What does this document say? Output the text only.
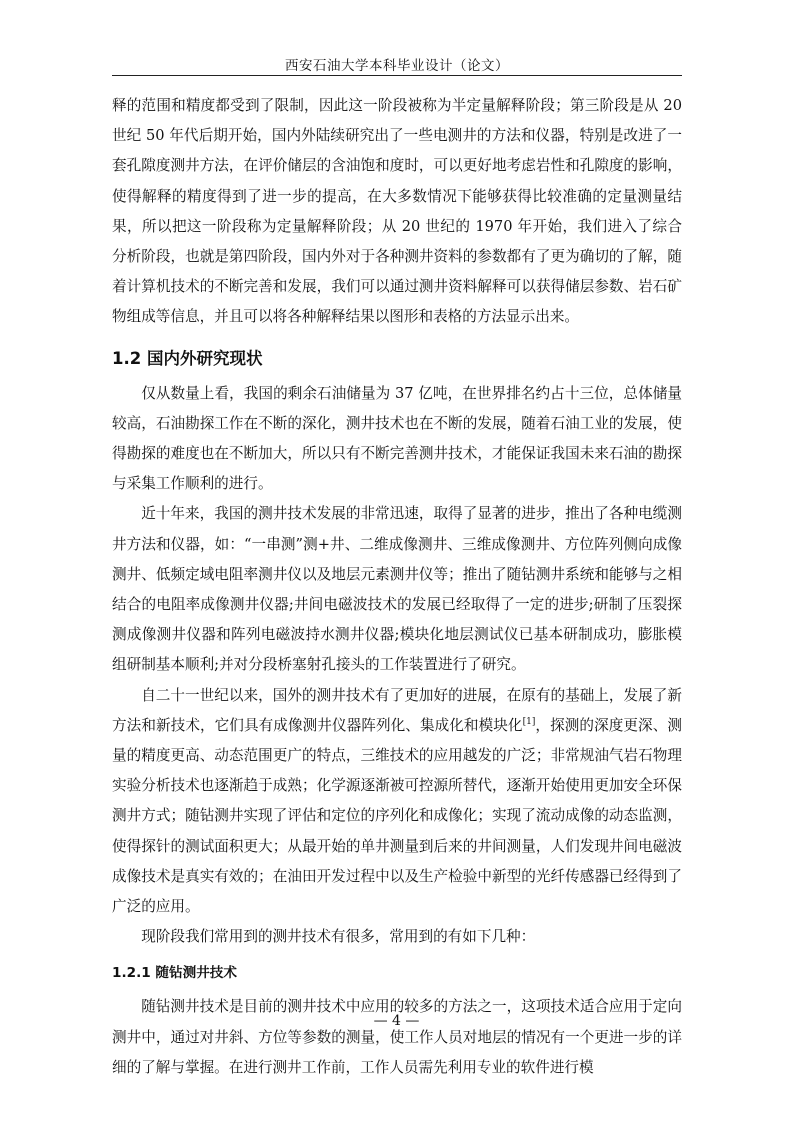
西安石油大学本科毕业设计（论文）

释的范围和精度都受到了限制，因此这一阶段被称为半定量解释阶段；第三阶段是从 20 世纪 50 年代后期开始，国内外陆续研究出了一些电测井的方法和仪器，特别是改进了一套孔隙度测井方法，在评价储层的含油饱和度时，可以更好地考虑岩性和孔隙度的影响，使得解释的精度得到了进一步的提高，在大多数情况下能够获得比较准确的定量测量结果，所以把这一阶段称为定量解释阶段；从 20 世纪的 1970 年开始，我们进入了综合分析阶段，也就是第四阶段，国内外对于各种测井资料的参数都有了更为确切的了解，随着计算机技术的不断完善和发展，我们可以通过测井资料解释可以获得储层参数、岩石矿物组成等信息，并且可以将各种解释结果以图形和表格的方法显示出来。

1.2 国内外研究现状

仅从数量上看，我国的剩余石油储量为 37 亿吨，在世界排名约占十三位，总体储量较高，石油勘探工作在不断的深化，测井技术也在不断的发展，随着石油工业的发展，使得勘探的难度也在不断加大，所以只有不断完善测井技术，才能保证我国未来石油的勘探与采集工作顺利的进行。

近十年来，我国的测井技术发展的非常迅速，取得了显著的进步，推出了各种电缆测井方法和仪器，如：“一串测”测+井、二维成像测井、三维成像测井、方位阵列侧向成像测井、低频定域电阻率测井仪以及地层元素测井仪等；推出了随钻测井系统和能够与之相结合的电阻率成像测井仪器;井间电磁波技术的发展已经取得了一定的进步;研制了压裂探测成像测井仪器和阵列电磁波持水测井仪器;模块化地层测试仪已基本研制成功，膨胀模组研制基本顺利;并对分段桥塞射孔接头的工作装置进行了研究。

自二十一世纪以来，国外的测井技术有了更加好的进展，在原有的基础上，发展了新方法和新技术，它们具有成像测井仪器阵列化、集成化和模块化[1]，探测的深度更深、测量的精度更高、动态范围更广的特点，三维技术的应用越发的广泛；非常规油气岩石物理实验分析技术也逐渐趋于成熟；化学源逐渐被可控源所替代，逐渐开始使用更加安全环保测井方式；随钻测井实现了评估和定位的序列化和成像化；实现了流动成像的动态监测，使得探针的测试面积更大；从最开始的单井测量到后来的井间测量，人们发现井间电磁波成像技术是真实有效的；在油田开发过程中以及生产检验中新型的光纤传感器已经得到了广泛的应用。

现阶段我们常用到的测井技术有很多，常用到的有如下几种：

1.2.1 随钻测井技术

随钻测井技术是目前的测井技术中应用的较多的方法之一，这项技术适合应用于定向测井中，通过对井斜、方位等参数的测量，使工作人员对地层的情况有一个更进一步的详细的了解与掌握。在进行测井工作前，工作人员需先利用专业的软件进行模

— 4 —
